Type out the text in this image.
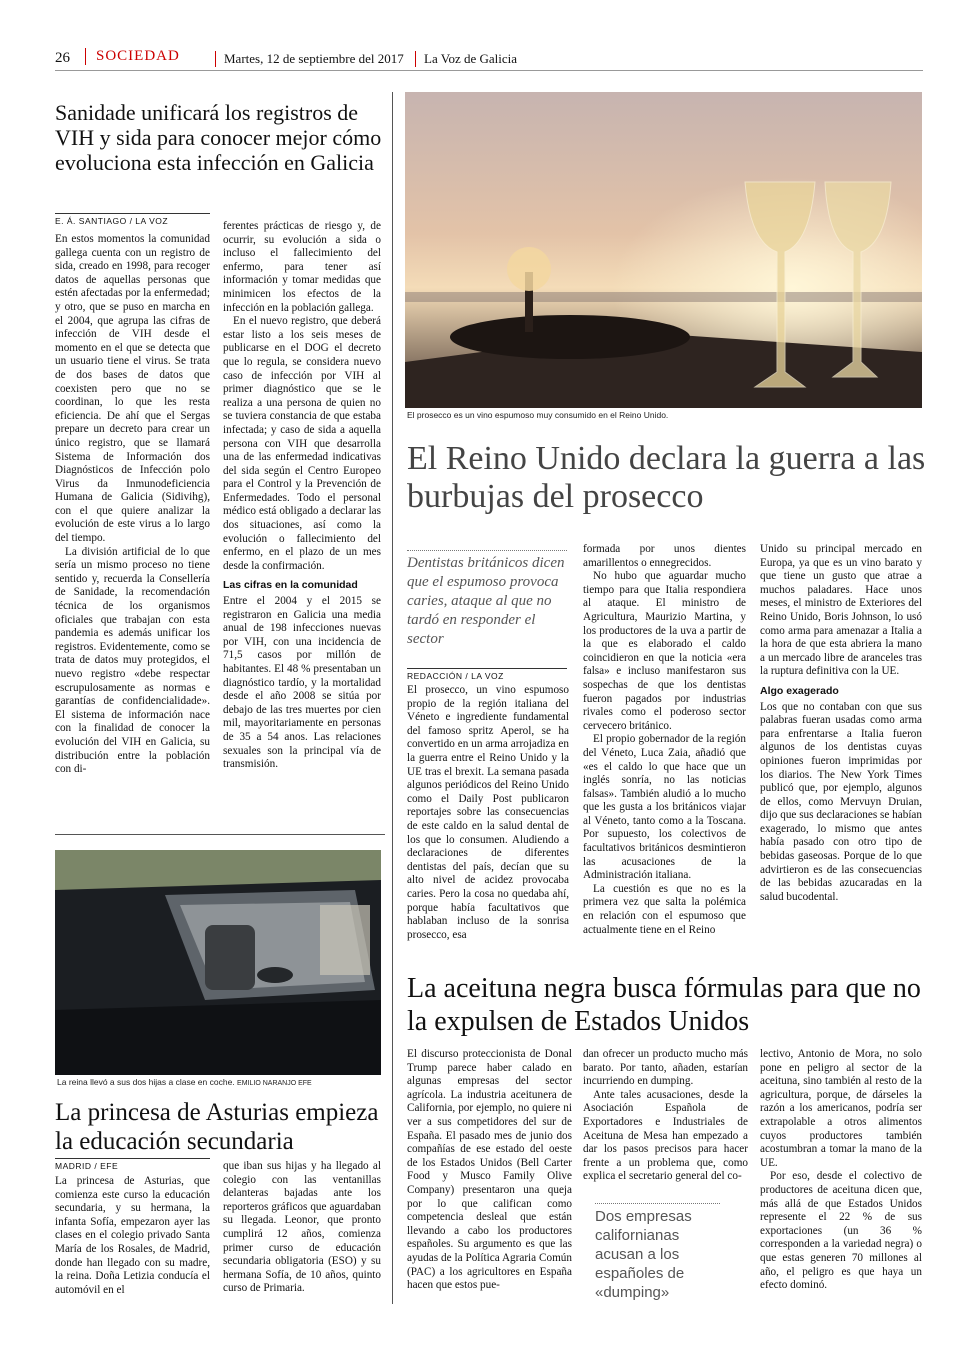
26	SOCIEDAD	Martes, 12 de septiembre del 2017	La Voz de Galicia
Sanidade unificará los registros de VIH y sida para conocer mejor cómo evoluciona esta infección en Galicia
E. Á. SANTIAGO / LA VOZ

En estos momentos la comunidad gallega cuenta con un registro de sida, creado en 1998, para recoger datos de aquellas personas que estén afectadas por la enfermedad; y otro, que se puso en marcha en el 2004, que agrupa las cifras de infección de VIH desde el momento en el que se detecta que un usuario tiene el virus. Se trata de dos bases de datos que coexisten pero que no se coordinan, lo que les resta eficiencia. De ahí que el Sergas prepare un decreto para crear un único registro, que se llamará Sistema de Información dos Diagnósticos de Infección polo Virus da Inmunodeficiencia Humana de Galicia (Sidivihg), con el que quiere analizar la evolución de este virus a lo largo del tiempo.

La división artificial de lo que sería un mismo proceso no tiene sentido y, recuerda la Consellería de Sanidade, la recomendación técnica de los organismos oficiales que trabajan con esta pandemia es además unificar los registros. Evidentemente, como se trata de datos muy protegidos, el nuevo registro «debe respectar escrupulosamente as normas e garantías de confidencialidade». El sistema de información nace con la finalidad de conocer la evolución del VIH en Galicia, su distribución entre la población con di-

ferentes prácticas de riesgo y, de ocurrir, su evolución a sida o incluso el fallecimiento del enfermo, para tener así información y tomar medidas que minimicen los efectos de la infección en la población gallega.

En el nuevo registro, que deberá estar listo a los seis meses de publicarse en el DOG el decreto que lo regula, se considera nuevo caso de infección por VIH al primer diagnóstico que se le realiza a una persona de quien no se tuviera constancia de que estaba infectada; y caso de sida a aquella persona con VIH que desarrolla una de las enfermedad indicativas del sida según el Centro Europeo para el Control y la Prevención de Enfermedades. Todo el personal médico está obligado a declarar las dos situaciones, así como la evolución o fallecimiento del enfermo, en el plazo de un mes desde la confirmación.

Las cifras en la comunidad

Entre el 2004 y el 2015 se registraron en Galicia una media anual de 198 infecciones nuevas por VIH, con una incidencia de 71,5 casos por millón de habitantes. El 48 % presentaban un diagnóstico tardío, y la mortalidad desde el año 2008 se sitúa por debajo de las tres muertes por cien mil, mayoritariamente en personas de 35 a 54 anos. Las relaciones sexuales son la principal vía de transmisión.

El prosecco es un vino espumoso muy consumido en el Reino Unido.
El Reino Unido declara la guerra a las burbujas del prosecco
Dentistas británicos dicen que el espumoso provoca caries, ataque al que no tardó en responder el sector
REDACCIÓN / LA VOZ

El prosecco, un vino espumoso propio de la región italiana del Véneto e ingrediente fundamental del famoso spritz Aperol, se ha convertido en un arma arrojadiza en la guerra entre el Reino Unido y la UE tras el brexit. La semana pasada algunos periódicos del Reino Unido como el Daily Post publicaron reportajes sobre las consecuencias de este caldo en la salud dental de los que lo consumen. Aludiendo a declaraciones de diferentes dentistas del país, decían que su alto nivel de acidez provocaba caries. Pero la cosa no quedaba ahí, porque había facultativos que hablaban incluso de la sonrisa prosecco, esa

formada por unos dientes amarillentos o ennegrecidos.

No hubo que aguardar mucho tiempo para que Italia respondiera al ataque. El ministro de Agricultura, Maurizio Martina, y los productores de la uva a partir de la que es elaborado el caldo coincidieron en que la noticia «era falsa» e incluso manifestaron sus sospechas de que los dentistas fueron pagados por industrias rivales como el poderoso sector cervecero británico.

El propio gobernador de la región del Véneto, Luca Zaia, añadió que «es el caldo lo que hace que un inglés sonría, no las noticias falsas». También aludió a lo mucho que les gusta a los británicos viajar al Véneto, tanto como a la Toscana. Por supuesto, los colectivos de facultativos británicos desmintieron las acusaciones de la Administración italiana.

La cuestión es que no es la primera vez que salta la polémica en relación con el espumoso que actualmente tiene en el Reino

Unido su principal mercado en Europa, ya que es un vino barato y que tiene un gusto que atrae a muchos paladares. Hace unos meses, el ministro de Exteriores del Reino Unido, Boris Johnson, lo usó como arma para amenazar a Italia a la hora de que esta abriera la mano a un mercado libre de aranceles tras la ruptura definitiva con la UE.

Algo exagerado

Los que no contaban con que sus palabras fueran usadas como arma para enfrentarse a Italia fueron algunos de los dentistas cuyas opiniones fueron imprimidas por los diarios. The New York Times publicó que, por ejemplo, algunos de ellos, como Mervuyn Druian, dijo que sus declaraciones se habían exagerado, lo mismo que antes había pasado con otro tipo de bebidas gaseosas. Porque de lo que advirtieron es de las consecuencias de las bebidas azucaradas en la salud bucodental.

La reina llevó a sus dos hijas a clase en coche. EMILIO NARANJO EFE
La princesa de Asturias empieza la educación secundaria
MADRID / EFE

La princesa de Asturias, que comienza este curso la educación secundaria, y su hermana, la infanta Sofía, empezaron ayer las clases en el colegio privado Santa María de los Rosales, de Madrid, donde han llegado con su madre, la reina. Doña Letizia conducía el automóvil en el

que iban sus hijas y ha llegado al colegio con las ventanillas delanteras bajadas ante los reporteros gráficos que aguardaban su llegada. Leonor, que pronto cumplirá 12 años, comienza primer curso de educación secundaria obligatoria (ESO) y su hermana Sofía, de 10 años, quinto curso de Primaria.

La aceituna negra busca fórmulas para que no la expulsen de Estados Unidos

El discurso proteccionista de Donal Trump parece haber calado en algunas empresas del sector agrícola. La industria aceitunera de California, por ejemplo, no quiere ni ver a sus competidores del sur de España. El pasado mes de junio dos compañías de ese estado del oeste de los Estados Unidos (Bell Carter Food y Musco Family Olive Company) presentaron una queja por lo que califican como competencia desleal que están llevando a cabo los productores españoles. Su argumento es que las ayudas de la Política Agraria Común (PAC) a los agricultores en España hacen que estos pue-

dan ofrecer un producto mucho más barato. Por tanto, añaden, estarían incurriendo en dumping.

Ante tales acusaciones, desde la Asociación Española de Exportadores e Industriales de Aceituna de Mesa han empezado a dar los pasos precisos para hacer frente a un problema que, como explica el secretario general del co-

Dos empresas californianas acusan a los españoles de «dumping»

lectivo, Antonio de Mora, no solo pone en peligro al sector de la aceituna, sino también al resto de la agricultura, porque, de dárseles la razón a los americanos, podría ser extrapolable a otros alimentos cuyos productores también acostumbran a tomar la mano de la UE.

Por eso, desde el colectivo de productores de aceituna dicen que, más allá de que Estados Unidos represente el 22 % de sus exportaciones (un 36 % corresponden a la variedad negra) o que estas generen 70 millones al año, el peligro es que haya un efecto dominó.
